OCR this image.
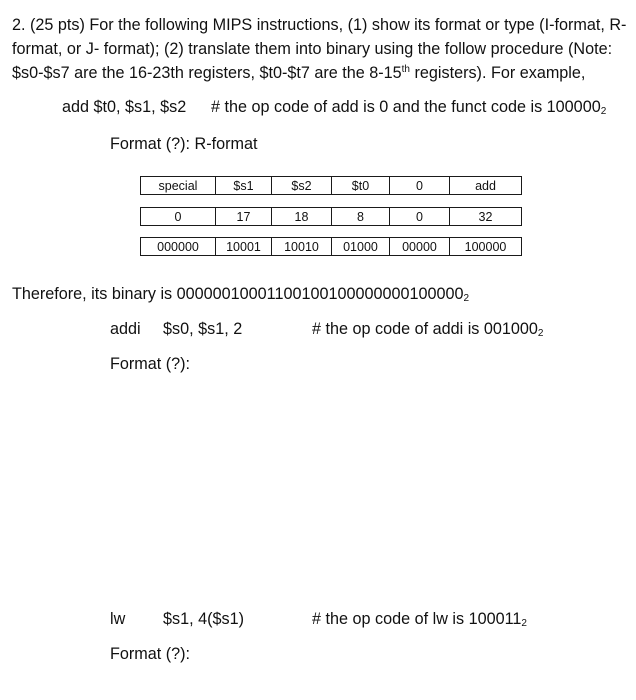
2. (25 pts) For the following MIPS instructions, (1) show its format or type (I-format, R-
format, or J- format); (2) translate them into binary using the follow procedure (Note:
$s0-$s7 are the 16-23th registers, $t0-$t7 are the 8-15th registers). For example,
add $t0, $s1, $s2 # the op code of add is 0 and the funct code is $100000_2$
Format (?): R-format
special	$s1	$s2	$t0	0	add
0	17	18	8	0	32
000000	10001	10010	01000	00000	100000
Therefore, its binary is $00000010001100100100000000100000_2$
addi $s0, $s1, 2	# the op code of addi is $001000_2$
Format (?):
lw $s1, 4($s1)	# the op code of lw is $100011_2$
Format (?):
